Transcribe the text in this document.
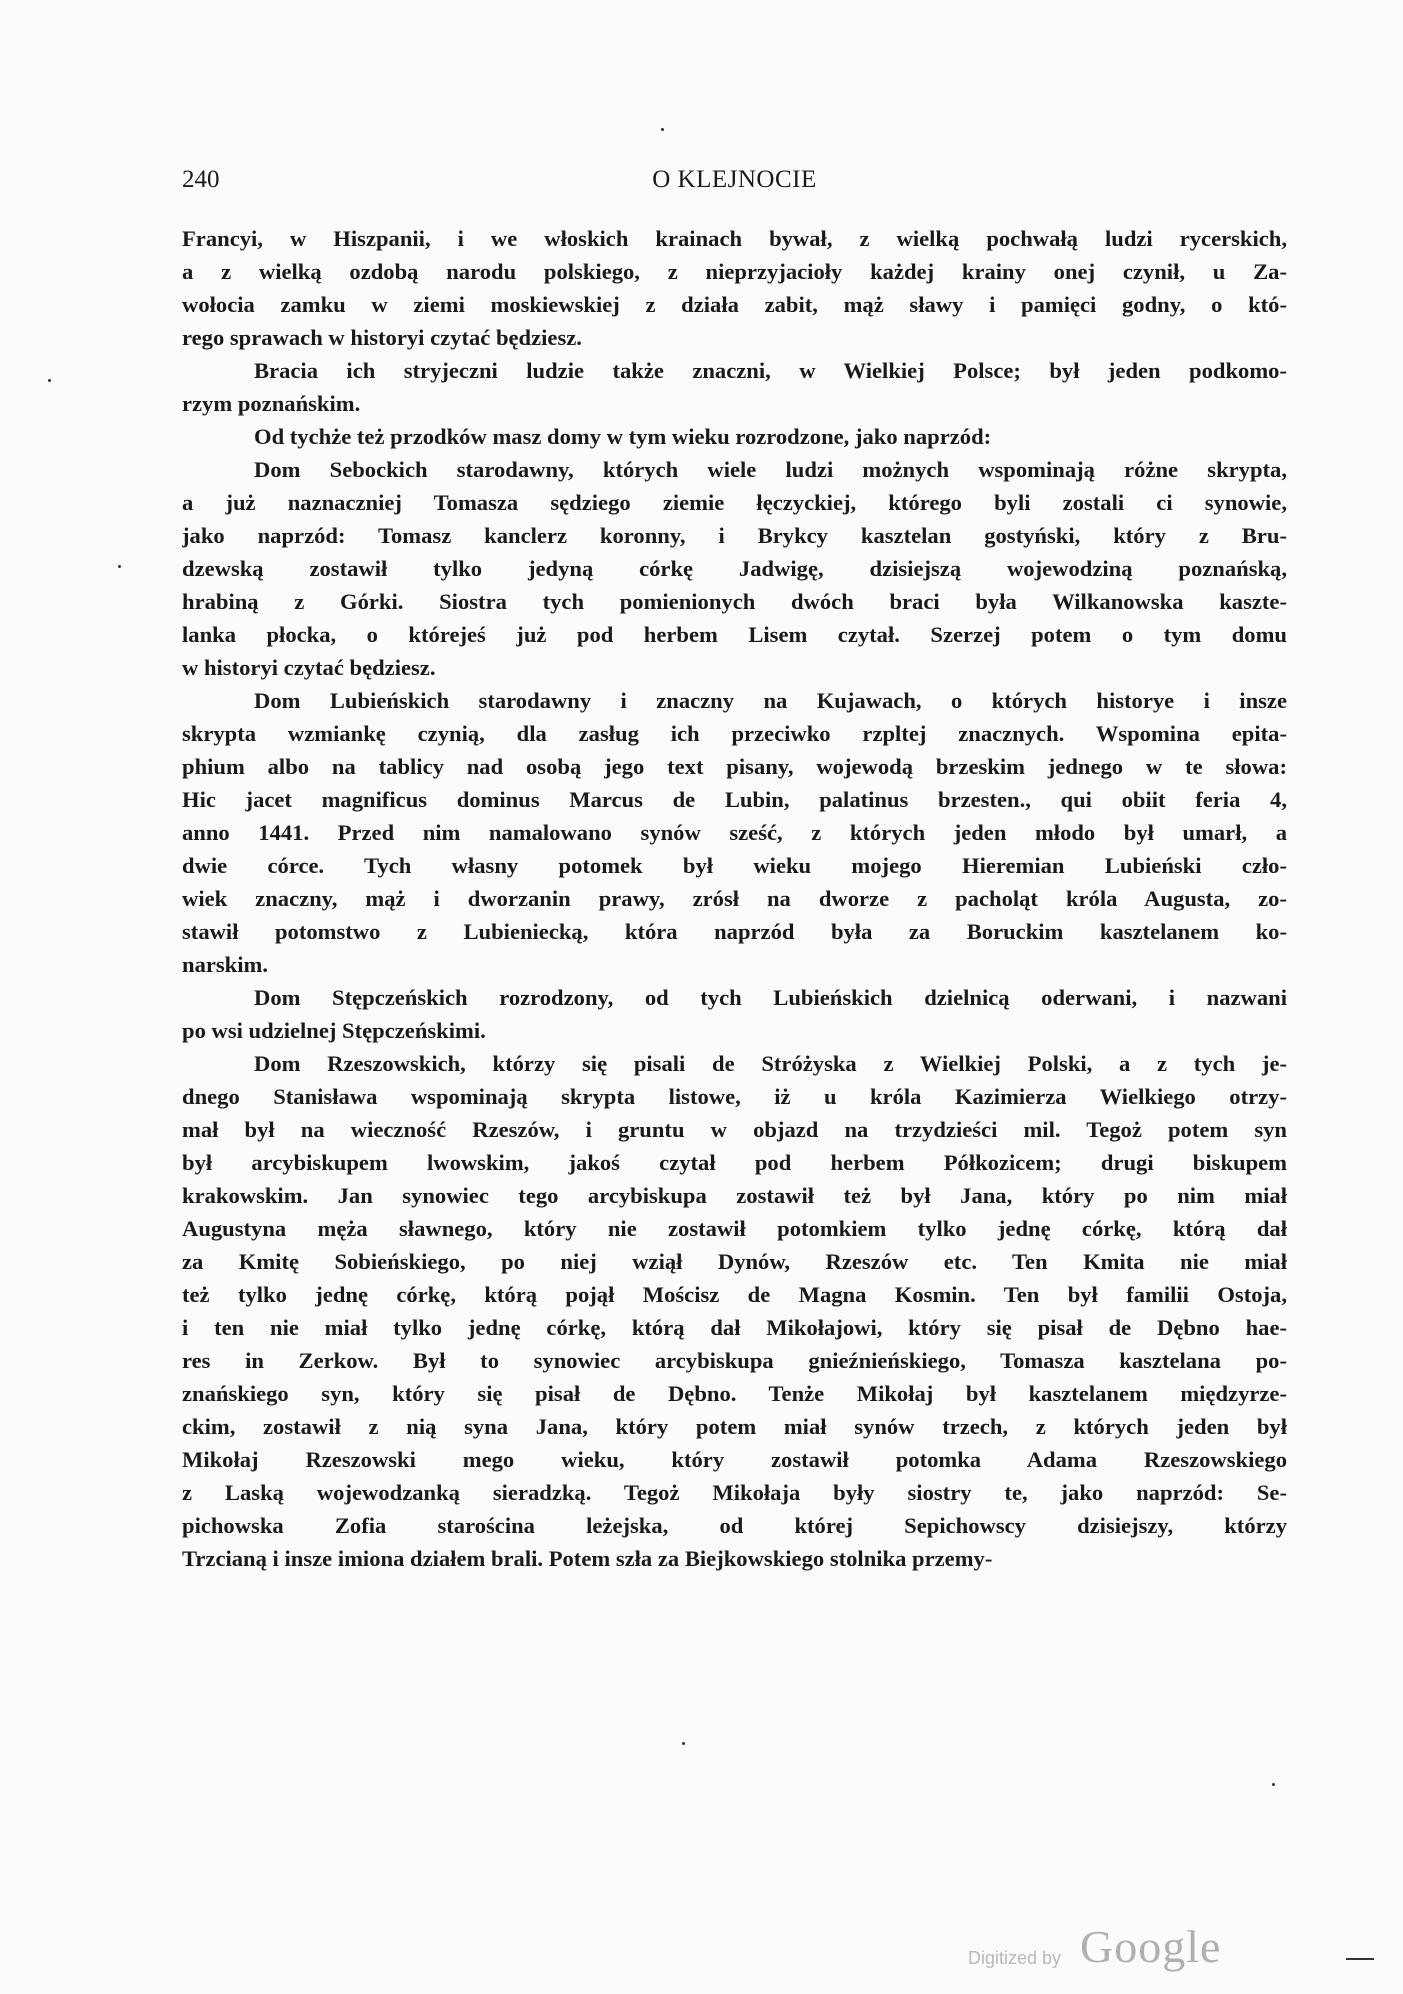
240	O KLEJNOCIE
Francyi, w Hiszpanii, i we włoskich krainach bywał, z wielką pochwałą ludzi rycerskich,
a z wielką ozdobą narodu polskiego, z nieprzyjacioły każdej krainy onej czynił, u Za-
wołocia zamku w ziemi moskiewskiej z działa zabit, mąż sławy i pamięci godny, o któ-
rego sprawach w historyi czytać będziesz.
Bracia ich stryjeczni ludzie także znaczni, w Wielkiej Polsce; był jeden podkomo-
rzym poznańskim.
Od tychże też przodków masz domy w tym wieku rozrodzone, jako naprzód:
Dom Sebockich starodawny, których wiele ludzi możnych wspominają różne skrypta,
a już naznaczniej Tomasza sędziego ziemie łęczyckiej, którego byli zostali ci synowie,
jako naprzód: Tomasz kanclerz koronny, i Brykcy kasztelan gostyński, który z Bru-
dzewską zostawił tylko jedyną córkę Jadwigę, dzisiejszą wojewodziną poznańską,
hrabiną z Górki. Siostra tych pomienionych dwóch braci była Wilkanowska kasztе-
lanka płocka, o którejeś już pod herbem Lisem czytał. Szerzej potem o tym domu
w historyi czytać będziesz.
Dom Lubieńskich starodawny i znaczny na Kujawach, o których historye i insze
skrypta wzmiankę czynią, dla zasług ich przeciwko rzpltej znacznych. Wspomina epita-
phium albo na tablicy nad osobą jego text pisany, wojewodą brzeskim jednego w te słowa:
Hic jacet magnificus dominus Marcus de Lubin, palatinus brzesten., qui obiit feria 4,
anno 1441. Przed nim namalowano synów sześć, z których jeden młodo był umarł, a
dwie córce. Tych własny potomek był wieku mojego Hieremian Lubieński czło-
wiek znaczny, mąż i dworzanin prawy, zrósł na dworze z pacholąt króla Augusta, zo-
stawił potomstwo z Lubieniecką, która naprzód była za Boruckim kasztelanem ko-
narskim.
Dom Stępczeńskich rozrodzony, od tych Lubieńskich dzielnicą oderwani, i nazwani
po wsi udzielnej Stępczeńskimi.
Dom Rzeszowskich, którzy się pisali de Stróżyska z Wielkiej Polski, a z tych je-
dnego Stanisława wspominają skrypta listowe, iż u króla Kazimierza Wielkiego otrzy-
mał był na wieczność Rzeszów, i gruntu w objazd na trzydzieści mil. Tegoż potem syn
był arcybiskupem lwowskim, jakoś czytał pod herbem Półkozicem; drugi biskupem
krakowskim. Jan synowiec tego arcybiskupa zostawił też był Jana, który po nim miał
Augustyna męża sławnego, który nie zostawił potomkiem tylko jednę córkę, którą dał
za Kmitę Sobieńskiego, po niej wziął Dynów, Rzeszów etc. Ten Kmita nie miał
też tylko jednę córkę, którą pojął Mościsz de Magna Kosmin. Ten był familii Ostoja,
i ten nie miał tylko jednę córkę, którą dał Mikołajowi, który się pisał de Dębno hae-
res in Zerkow. Był to synowiec arcybiskupa gnieźnieńskiego, Tomasza kasztelana po-
znańskiego syn, który się pisał de Dębno. Tenże Mikołaj był kasztelanem międzyrze-
ckim, zostawił z nią syna Jana, który potem miał synów trzech, z których jeden był
Mikołaj Rzeszowski mego wieku, który zostawił potomka Adama Rzeszowskiego
z Laską wojewodzanką sieradzką. Tegoż Mikołaja były siostry te, jako naprzód: Se-
pichowska Zofia starościna leżejska, od której Sepichowscy dzisiejszy, którzy
Trzcianą i insze imiona działem brali. Potem szła za Biejkowskiego stolnika przemy-
Digitized by Google
